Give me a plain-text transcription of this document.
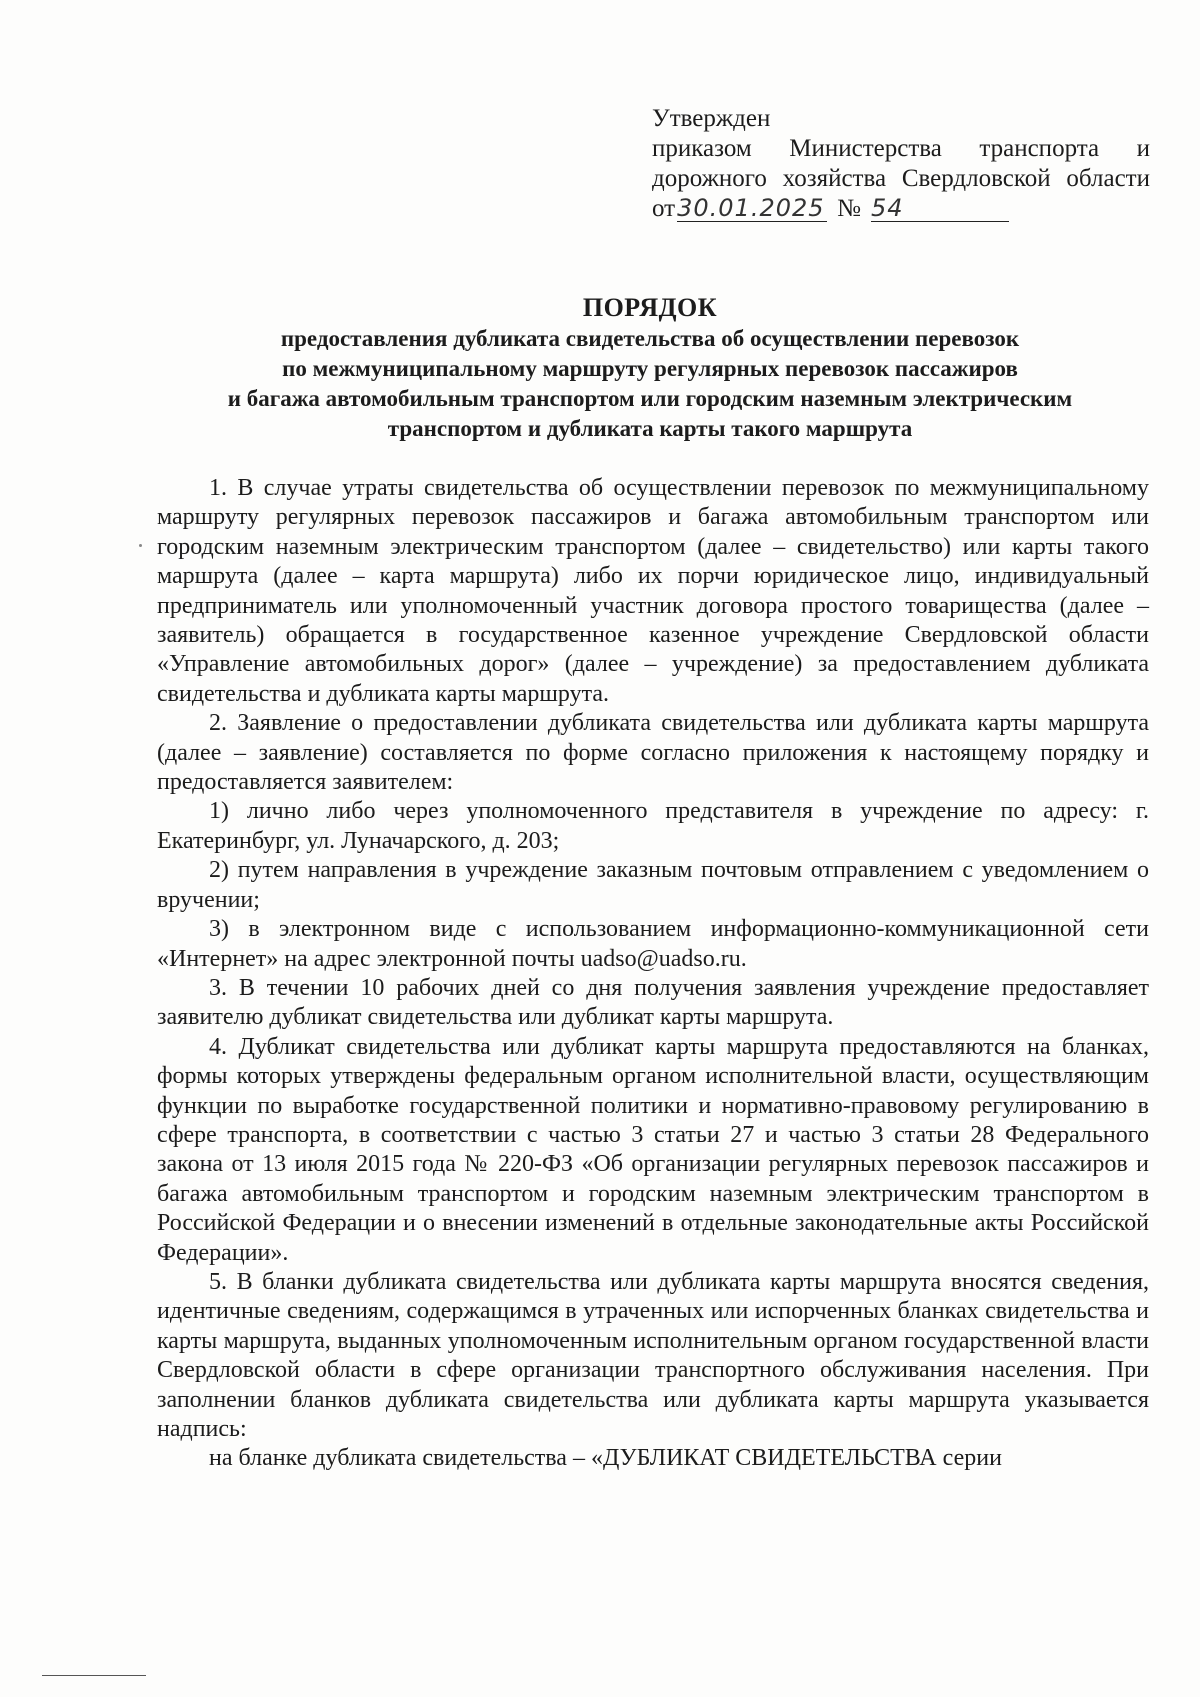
Утвержден
приказом Министерства транспорта и
дорожного хозяйства Свердловской области
от 30.01.2025 № 54
ПОРЯДОК
предоставления дубликата свидетельства об осуществлении перевозок
по межмуниципальному маршруту регулярных перевозок пассажиров
и багажа автомобильным транспортом или городским наземным электрическим
транспортом и дубликата карты такого маршрута

1. В случае утраты свидетельства об осуществлении перевозок по межмуниципальному маршруту регулярных перевозок пассажиров и багажа автомобильным транспортом или городским наземным электрическим транспортом (далее – свидетельство) или карты такого маршрута (далее – карта маршрута) либо их порчи юридическое лицо, индивидуальный предприниматель или уполномоченный участник договора простого товарищества (далее – заявитель) обращается в государственное казенное учреждение Свердловской области «Управление автомобильных дорог» (далее – учреждение) за предоставлением дубликата свидетельства и дубликата карты маршрута.

2. Заявление о предоставлении дубликата свидетельства или дубликата карты маршрута (далее – заявление) составляется по форме согласно приложения к настоящему порядку и предоставляется заявителем:

1) лично либо через уполномоченного представителя в учреждение по адресу: г. Екатеринбург, ул. Луначарского, д. 203;

2) путем направления в учреждение заказным почтовым отправлением с уведомлением о вручении;

3) в электронном виде с использованием информационно-коммуникационной сети «Интернет» на адрес электронной почты uadso@uadso.ru.

3. В течении 10 рабочих дней со дня получения заявления учреждение предоставляет заявителю дубликат свидетельства или дубликат карты маршрута.

4. Дубликат свидетельства или дубликат карты маршрута предоставляются на бланках, формы которых утверждены федеральным органом исполнительной власти, осуществляющим функции по выработке государственной политики и нормативно-правовому регулированию в сфере транспорта, в соответствии с частью 3 статьи 27 и частью 3 статьи 28 Федерального закона от 13 июля 2015 года № 220-ФЗ «Об организации регулярных перевозок пассажиров и багажа автомобильным транспортом и городским наземным электрическим транспортом в Российской Федерации и о внесении изменений в отдельные законодательные акты Российской Федерации».

5. В бланки дубликата свидетельства или дубликата карты маршрута вносятся сведения, идентичные сведениям, содержащимся в утраченных или испорченных бланках свидетельства и карты маршрута, выданных уполномоченным исполнительным органом государственной власти Свердловской области в сфере организации транспортного обслуживания населения. При заполнении бланков дубликата свидетельства или дубликата карты маршрута указывается надпись:

на бланке дубликата свидетельства – «ДУБЛИКАТ СВИДЕТЕЛЬСТВА серии
